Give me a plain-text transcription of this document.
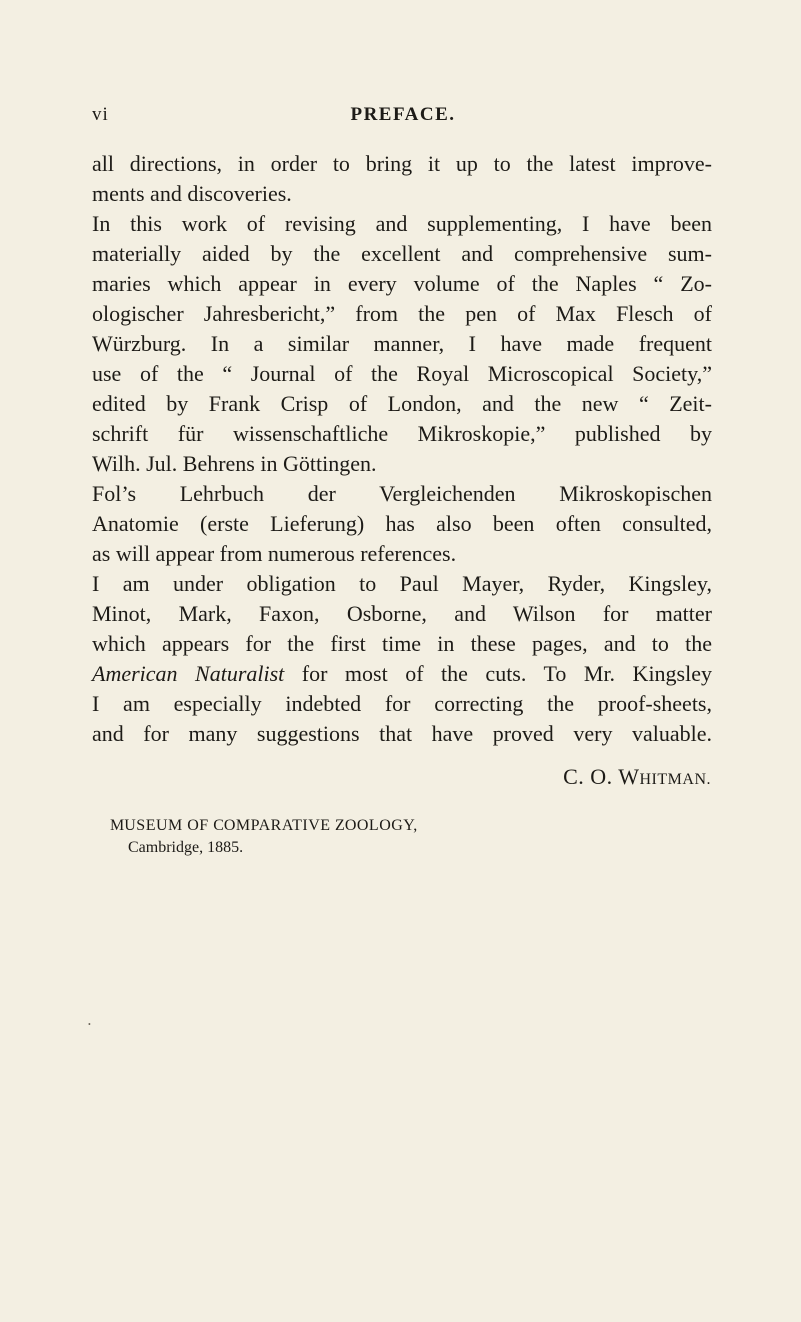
vi	PREFACE.
all directions, in order to bring it up to the latest improve-
ments and discoveries.
In this work of revising and supplementing, I have been
materially aided by the excellent and comprehensive sum-
maries which appear in every volume of the Naples “ Zo-
ologischer Jahresbericht,” from the pen of Max Flesch of
Würzburg. In a similar manner, I have made frequent
use of the “ Journal of the Royal Microscopical Society,”
edited by Frank Crisp of London, and the new “ Zeit-
schrift für wissenschaftliche Mikroskopie,” published by
Wilh. Jul. Behrens in Göttingen.
Fol’s Lehrbuch der Vergleichenden Mikroskopischen
Anatomie (erste Lieferung) has also been often consulted,
as will appear from numerous references.
I am under obligation to Paul Mayer, Ryder, Kingsley,
Minot, Mark, Faxon, Osborne, and Wilson for matter
which appears for the first time in these pages, and to the
American Naturalist for most of the cuts. To Mr. Kingsley
I am especially indebted for correcting the proof-sheets,
and for many suggestions that have proved very valuable.
C. O. WHITMAN.
MUSEUM OF COMPARATIVE ZOOLOGY,
Cambridge, 1885.
•
